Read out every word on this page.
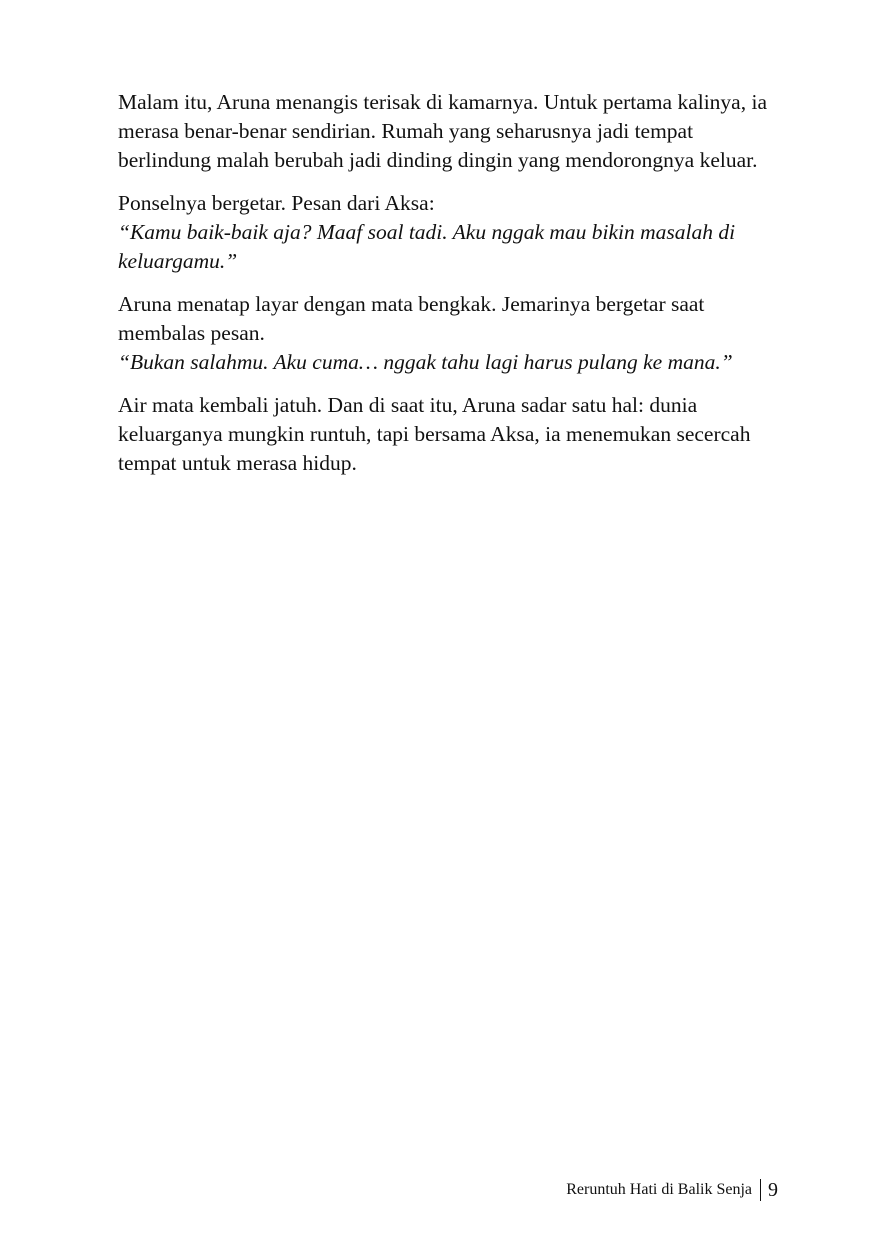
Malam itu, Aruna menangis terisak di kamarnya. Untuk pertama kalinya, ia
merasa benar-benar sendirian. Rumah yang seharusnya jadi tempat
berlindung malah berubah jadi dinding dingin yang mendorongnya keluar.

Ponselnya bergetar. Pesan dari Aksa:

“Kamu baik-baik aja? Maaf soal tadi. Aku nggak mau bikin masalah di
keluargamu.”

Aruna menatap layar dengan mata bengkak. Jemarinya bergetar saat
membalas pesan.

“Bukan salahmu. Aku cuma… nggak tahu lagi harus pulang ke mana.”

Air mata kembali jatuh. Dan di saat itu, Aruna sadar satu hal: dunia
keluarganya mungkin runtuh, tapi bersama Aksa, ia menemukan secercah
tempat untuk merasa hidup.

Reruntuh Hati di Balik Senja 9
